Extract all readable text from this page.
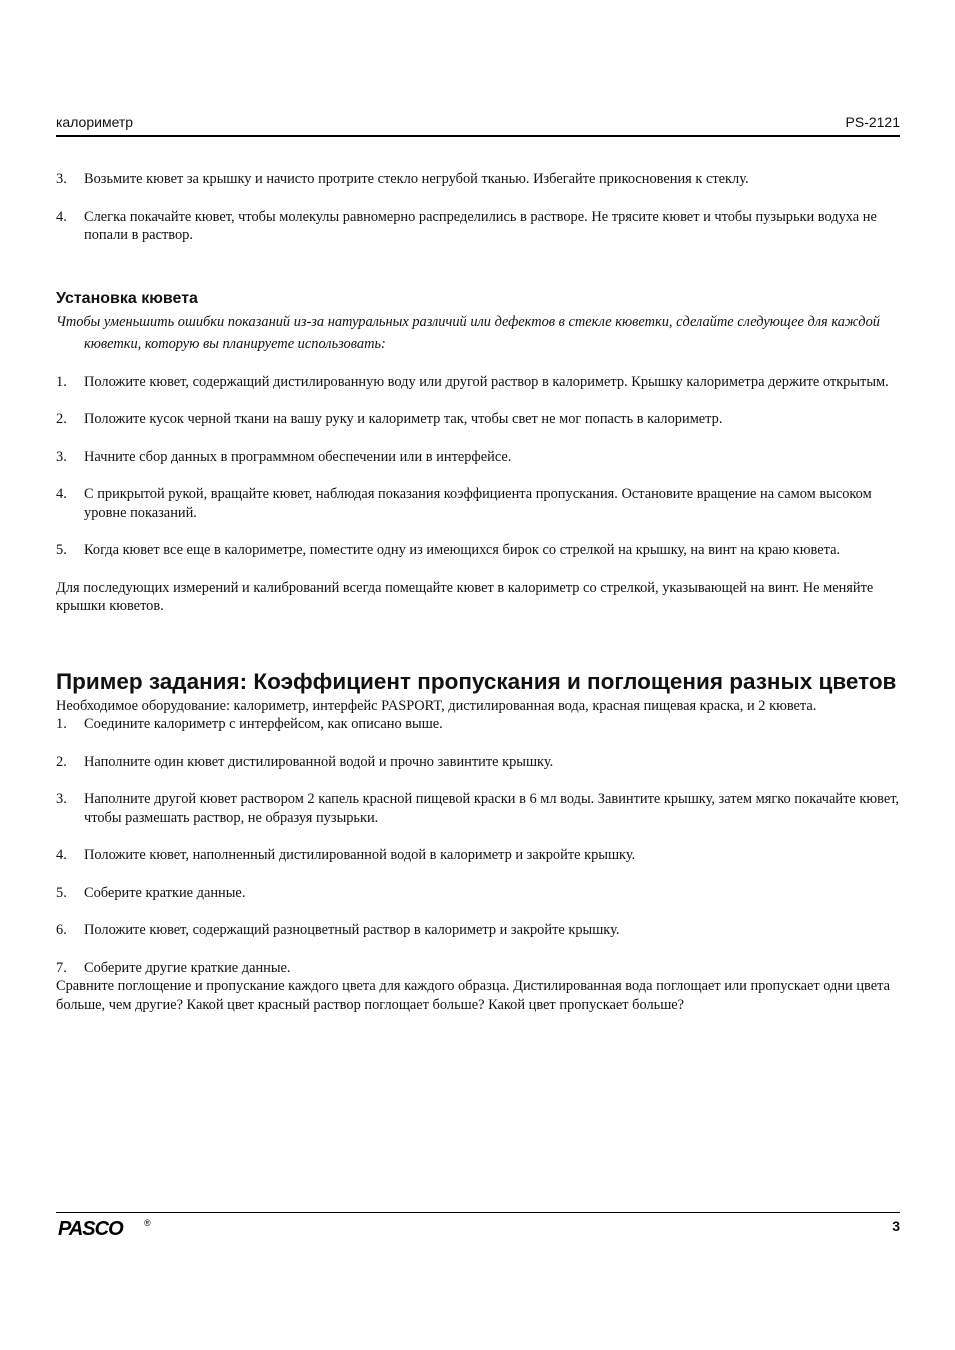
калориметр	PS-2121
3. Возьмите кювет за крышку и начисто протрите стекло негрубой тканью. Избегайте прикосновения к стеклу.
4. Слегка покачайте кювет, чтобы молекулы равномерно распределились в растворе. Не трясите кювет и чтобы пузырьки водуха не попали в раствор.
Установка кювета

Чтобы уменьшить ошибки показаний из-за натуральных различий или дефектов в стекле кюветки, сделайте следующее для каждой кюветки, которую вы планируете использовать:

1. Положите кювет, содержащий дистилированную воду или другой раствор в калориметр. Крышку калориметра держите открытым.
2. Положите кусок черной ткани на вашу руку и калориметр так, чтобы свет не мог попасть в калориметр.
3. Начните сбор данных в программном обеспечении или в интерфейсе.
4. С прикрытой рукой, вращайте кювет, наблюдая показания коэффициента пропускания. Остановите вращение на самом высоком уровне показаний.
5. Когда кювет все еще в калориметре, поместите одну из имеющихся бирок со стрелкой на крышку, на винт на краю кювета.

Для последующих измерений и калибрований всегда помещайте кювет в калориметр со стрелкой, указывающей на винт. Не меняйте крышки кюветов.

Пример задания: Коэффициент пропускания и поглощения разных цветов

Необходимое оборудование: калориметр, интерфейс PASPORT, дистилированная вода, красная пищевая краска, и 2 кювета.

1. Соедините калориметр с интерфейсом, как описано выше.
2. Наполните один кювет дистилированной водой и прочно завинтите крышку.
3. Наполните другой кювет раствором 2 капель красной пищевой краски в 6 мл воды. Завинтите крышку, затем мягко покачайте кювет, чтобы размешать раствор, не образуя пузырьки.
4. Положите кювет, наполненный дистилированной водой в калориметр и закройте крышку.
5. Соберите краткие данные.
6. Положите кювет, содержащий разноцветный раствор в калориметр и закройте крышку.
7. Соберите другие краткие данные.

Сравните поглощение и пропускание каждого цвета для каждого образца. Дистилированная вода поглощает или пропускает одни цвета больше, чем другие? Какой цвет красный раствор поглощает больше? Какой цвет пропускает больше?

PASCO ®	3
